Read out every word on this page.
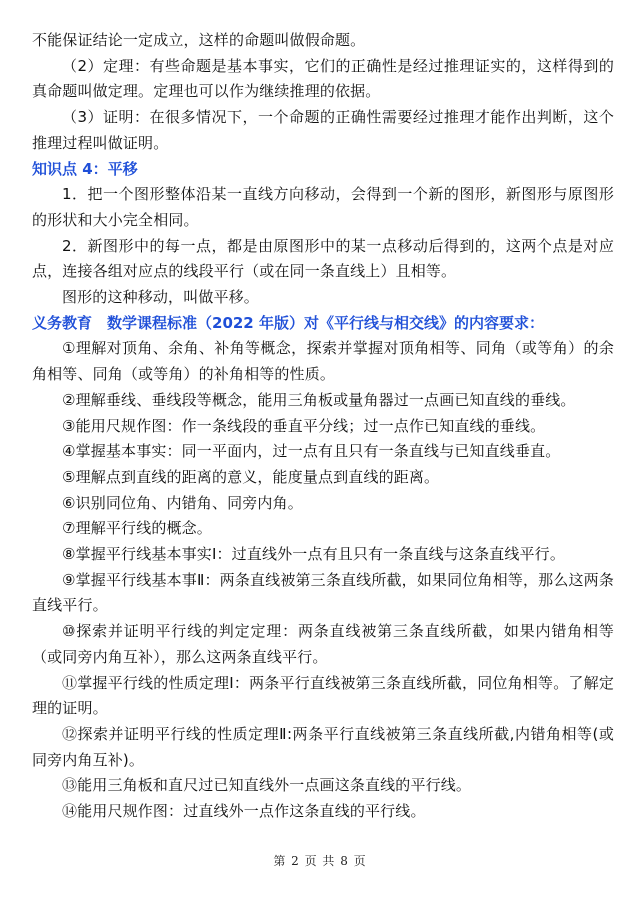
不能保证结论一定成立，这样的命题叫做假命题。

（2）定理：有些命题是基本事实，它们的正确性是经过推理证实的，这样得到的真命题叫做定理。定理也可以作为继续推理的依据。

（3）证明：在很多情况下，一个命题的正确性需要经过推理才能作出判断，这个推理过程叫做证明。

知识点 4：平移

1．把一个图形整体沿某一直线方向移动，会得到一个新的图形，新图形与原图形的形状和大小完全相同。

2．新图形中的每一点，都是由原图形中的某一点移动后得到的，这两个点是对应点，连接各组对应点的线段平行（或在同一条直线上）且相等。

图形的这种移动，叫做平移。

义务教育　数学课程标准（2022 年版）对《平行线与相交线》的内容要求：

①理解对顶角、余角、补角等概念，探索并掌握对顶角相等、同角（或等角）的余角相等、同角（或等角）的补角相等的性质。

②理解垂线、垂线段等概念，能用三角板或量角器过一点画已知直线的垂线。

③能用尺规作图：作一条线段的垂直平分线；过一点作已知直线的垂线。

④掌握基本事实：同一平面内，过一点有且只有一条直线与已知直线垂直。

⑤理解点到直线的距离的意义，能度量点到直线的距离。

⑥识别同位角、内错角、同旁内角。

⑦理解平行线的概念。

⑧掌握平行线基本事实Ⅰ：过直线外一点有且只有一条直线与这条直线平行。

⑨掌握平行线基本事Ⅱ：两条直线被第三条直线所截，如果同位角相等，那么这两条直线平行。

⑩探索并证明平行线的判定定理：两条直线被第三条直线所截，如果内错角相等（或同旁内角互补），那么这两条直线平行。

⑪掌握平行线的性质定理Ⅰ：两条平行直线被第三条直线所截，同位角相等。了解定理的证明。

⑫探索并证明平行线的性质定理Ⅱ:两条平行直线被第三条直线所截,内错角相等(或同旁内角互补)。

⑬能用三角板和直尺过已知直线外一点画这条直线的平行线。

⑭能用尺规作图：过直线外一点作这条直线的平行线。

第 2 页 共 8 页
